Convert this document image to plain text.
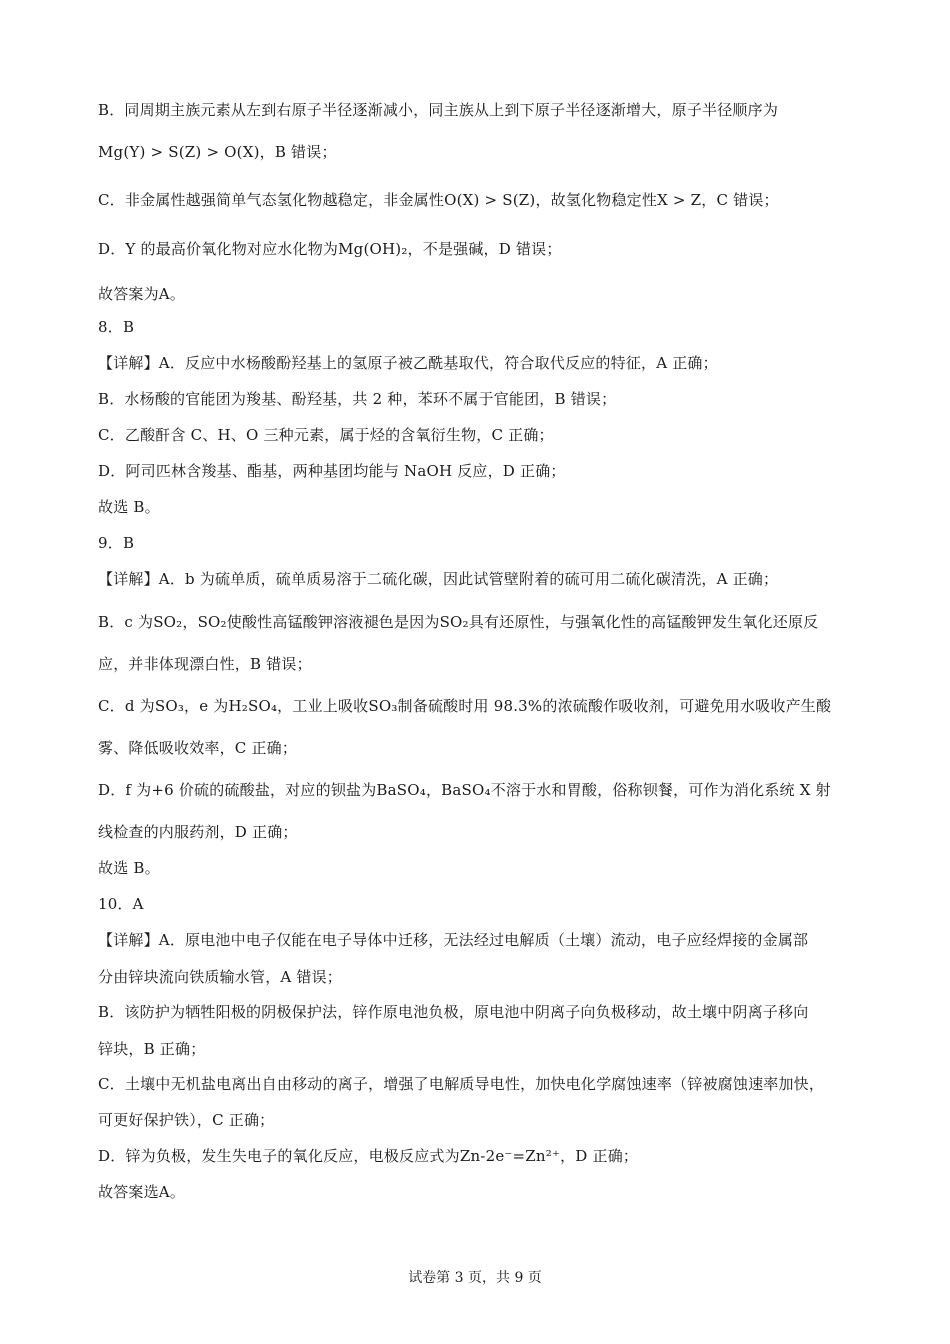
B．同周期主族元素从左到右原子半径逐渐减小，同主族从上到下原子半径逐渐增大，原子半径顺序为
Mg(Y) > S(Z) > O(X)，B 错误；
C．非金属性越强简单气态氢化物越稳定，非金属性O(X) > S(Z)，故氢化物稳定性X > Z，C 错误；
D．Y 的最高价氧化物对应水化物为Mg(OH)₂，不是强碱，D 错误；
故答案为A。
8．B
【详解】A．反应中水杨酸酚羟基上的氢原子被乙酰基取代，符合取代反应的特征，A 正确；
B．水杨酸的官能团为羧基、酚羟基，共 2 种，苯环不属于官能团，B 错误；
C．乙酸酐含 C、H、O 三种元素，属于烃的含氧衍生物，C 正确；
D．阿司匹林含羧基、酯基，两种基团均能与 NaOH 反应，D 正确；
故选 B。
9．B
【详解】A．b 为硫单质，硫单质易溶于二硫化碳，因此试管壁附着的硫可用二硫化碳清洗，A 正确；
B．c 为SO₂，SO₂使酸性高锰酸钾溶液褪色是因为SO₂具有还原性，与强氧化性的高锰酸钾发生氧化还原反
应，并非体现漂白性，B 错误；
C．d 为SO₃，e 为H₂SO₄，工业上吸收SO₃制备硫酸时用 98.3%的浓硫酸作吸收剂，可避免用水吸收产生酸
雾、降低吸收效率，C 正确；
D．f 为+6 价硫的硫酸盐，对应的钡盐为BaSO₄，BaSO₄不溶于水和胃酸，俗称钡餐，可作为消化系统 X 射
线检查的内服药剂，D 正确；
故选 B。
10．A
【详解】A．原电池中电子仅能在电子导体中迁移，无法经过电解质（土壤）流动，电子应经焊接的金属部
分由锌块流向铁质输水管，A 错误；
B．该防护为牺牲阳极的阴极保护法，锌作原电池负极，原电池中阴离子向负极移动，故土壤中阴离子移向
锌块，B 正确；
C．土壤中无机盐电离出自由移动的离子，增强了电解质导电性，加快电化学腐蚀速率（锌被腐蚀速率加快，
可更好保护铁），C 正确；
D．锌为负极，发生失电子的氧化反应，电极反应式为Zn-2e⁻=Zn²⁺，D 正确；
故答案选A。
试卷第 3 页，共 9 页
